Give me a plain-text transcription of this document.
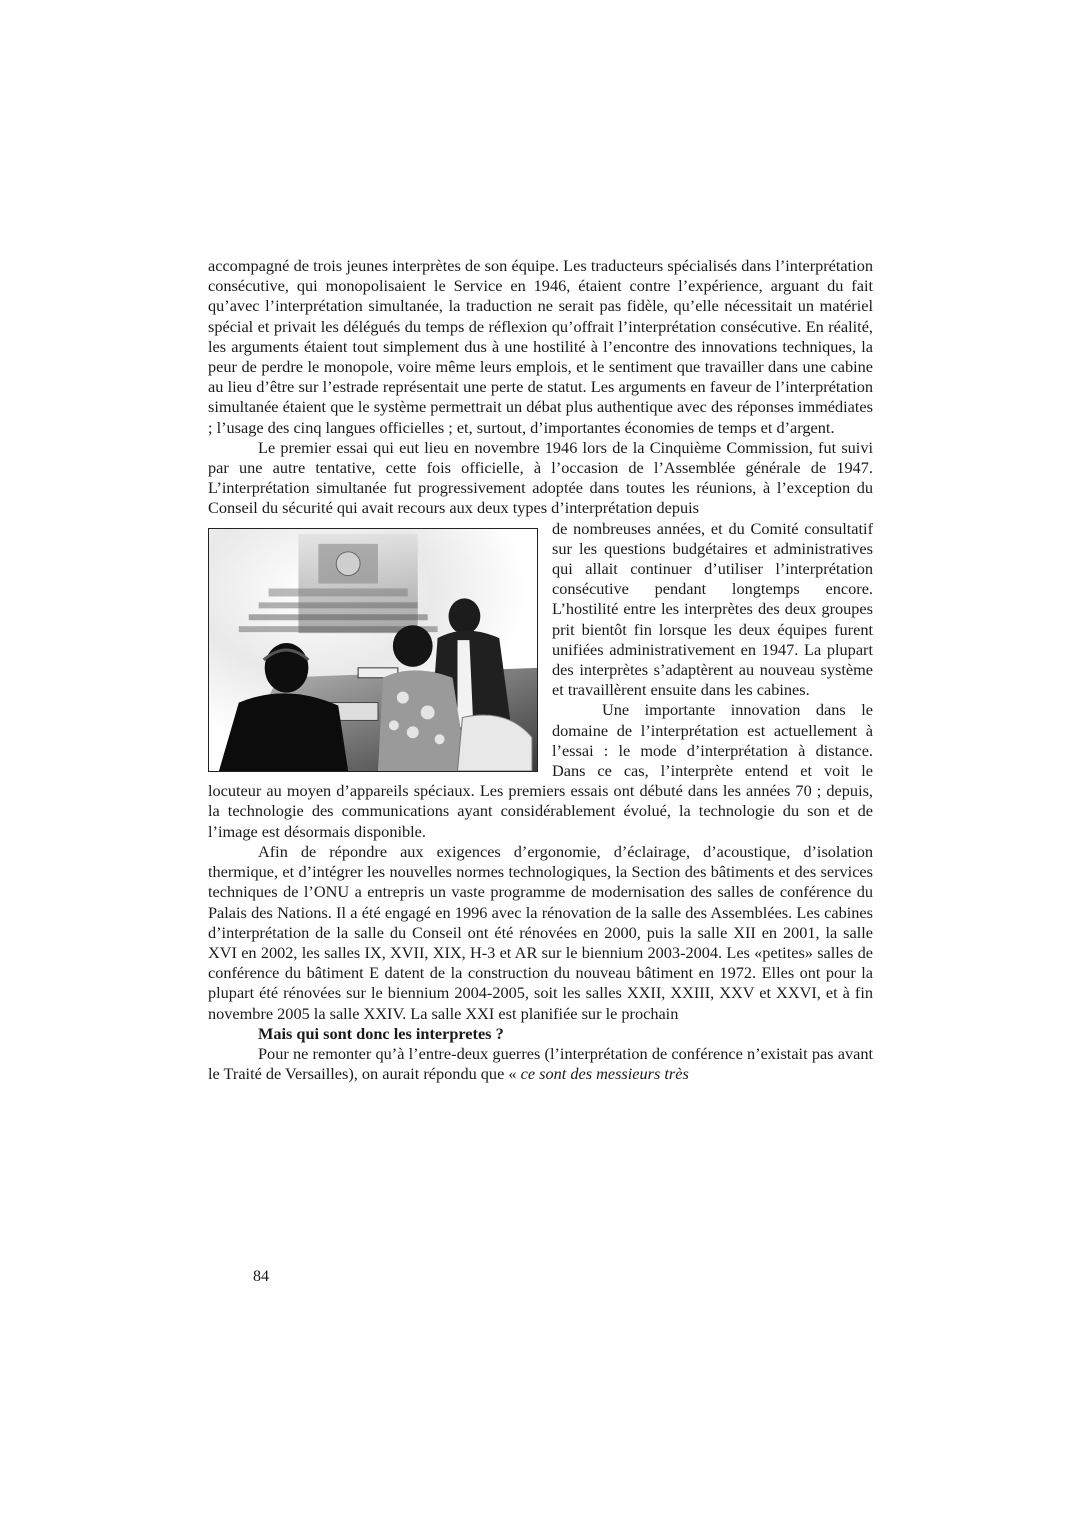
accompagné de trois jeunes interprètes de son équipe. Les traducteurs spécialisés dans l’interprétation consécutive, qui monopolisaient le Service en 1946, étaient contre l’expérience, arguant du fait qu’avec l’interprétation simultanée, la traduction ne serait pas fidèle, qu’elle nécessitait un matériel spécial et privait les délégués du temps de réflexion qu’offrait l’interprétation consécutive. En réalité, les arguments étaient tout simplement dus à une hostilité à l’encontre des innovations techniques, la peur de perdre le monopole, voire même leurs emplois, et le sentiment que travailler dans une cabine au lieu d’être sur l’estrade représentait une perte de statut. Les arguments en faveur de l’interprétation simultanée étaient que le système permettrait un débat plus authentique avec des réponses immédiates ; l’usage des cinq langues officielles ; et, surtout, d’importantes économies de temps et d’argent.

Le premier essai qui eut lieu en novembre 1946 lors de la Cinquième Commission, fut suivi par une autre tentative, cette fois officielle, à l’occasion de l’Assemblée générale de 1947. L’interprétation simultanée fut progressivement adoptée dans toutes les réunions, à l’exception du Conseil du sécurité qui avait recours aux deux types d’interprétation depuis

de nombreuses années, et du Comité consultatif sur les questions budgétaires et administratives qui allait continuer d’utiliser l’interprétation consécutive pendant longtemps encore. L’hostilité entre les interprètes des deux groupes prit bientôt fin lorsque les deux équipes furent unifiées administrativement en 1947. La plupart des interprètes s’adaptèrent au nouveau système et travaillèrent ensuite dans les cabines.

Une importante innovation dans le domaine de l’interprétation est actuellement à l’essai : le mode d’interprétation à distance. Dans ce cas, l’interprète entend et voit le locuteur au moyen d’appareils spéciaux. Les premiers essais ont débuté dans les années 70 ; depuis, la technologie des communications ayant considérablement évolué, la technologie du son et de l’image est désormais disponible.

Afin de répondre aux exigences d’ergonomie, d’éclairage, d’acoustique, d’isolation thermique, et d’intégrer les nouvelles normes technologiques, la Section des bâtiments et des services techniques de l’ONU a entrepris un vaste programme de modernisation des salles de conférence du Palais des Nations. Il a été engagé en 1996 avec la rénovation de la salle des Assemblées. Les cabines d’interprétation de la salle du Conseil ont été rénovées en 2000, puis la salle XII en 2001, la salle XVI en 2002, les salles IX, XVII, XIX, H-3 et AR sur le biennium 2003-2004. Les «petites» salles de conférence du bâtiment E datent de la construction du nouveau bâtiment en 1972. Elles ont pour la plupart été rénovées sur le biennium 2004-2005, soit les salles XXII, XXIII, XXV et XXVI, et à fin novembre 2005 la salle XXIV. La salle XXI est planifiée sur le prochain

Mais qui sont donc les interpretes ?

Pour ne remonter qu’à l’entre-deux guerres (l’interprétation de conférence n’existait pas avant le Traité de Versailles), on aurait répondu que « ce sont des messieurs très

84
